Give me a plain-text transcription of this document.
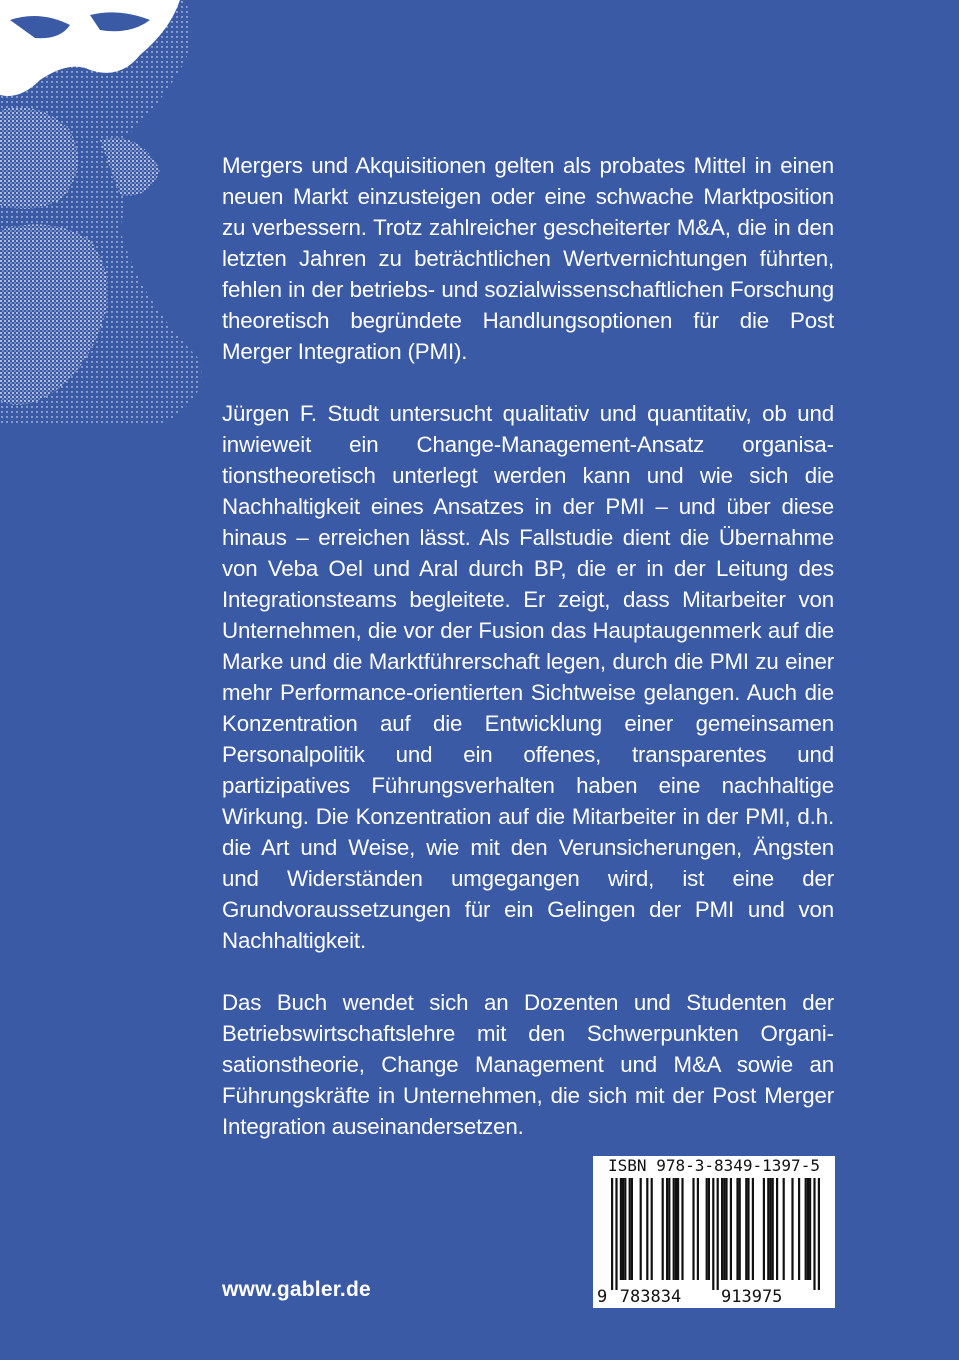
Mergers und Akquisitionen gelten als probates Mittel in einen neuen Markt einzusteigen oder eine schwache Marktposition zu verbessern. Trotz zahlreicher gescheiterter M&A, die in den letzten Jahren zu beträchtlichen Wertvernichtungen führten, fehlen in der betriebs- und sozialwissenschaftlichen Forschung theoretisch begründete Handlungsoptionen für die Post Merger Integration (PMI).

Jürgen F. Studt untersucht qualitativ und quantitativ, ob und inwieweit ein Change-Management-Ansatz organisationstheoretisch unterlegt werden kann und wie sich die Nachhaltigkeit eines Ansatzes in der PMI – und über diese hinaus – erreichen lässt. Als Fallstudie dient die Übernahme von Veba Oel und Aral durch BP, die er in der Leitung des Integrationsteams begleitete. Er zeigt, dass Mitarbeiter von Unternehmen, die vor der Fusion das Hauptaugenmerk auf die Marke und die Marktführerschaft legen, durch die PMI zu einer mehr Performance-orientierten Sichtweise gelangen. Auch die Konzentration auf die Entwicklung einer gemeinsamen Personalpolitik und ein offenes, transparentes und partizipatives Führungsverhalten haben eine nachhaltige Wirkung. Die Konzentration auf die Mitarbeiter in der PMI, d.h. die Art und Weise, wie mit den Verunsicherungen, Ängsten und Widerständen umgegangen wird, ist eine der Grundvoraussetzungen für ein Gelingen der PMI und von Nachhaltigkeit.

Das Buch wendet sich an Dozenten und Studenten der Betriebswirtschaftslehre mit den Schwerpunkten Organisationstheorie, Change Management und M&A sowie an Führungskräfte in Unternehmen, die sich mit der Post Merger Integration auseinandersetzen.

www.gabler.de	9 783834 913975
ISBN 978-3-8349-1397-5
